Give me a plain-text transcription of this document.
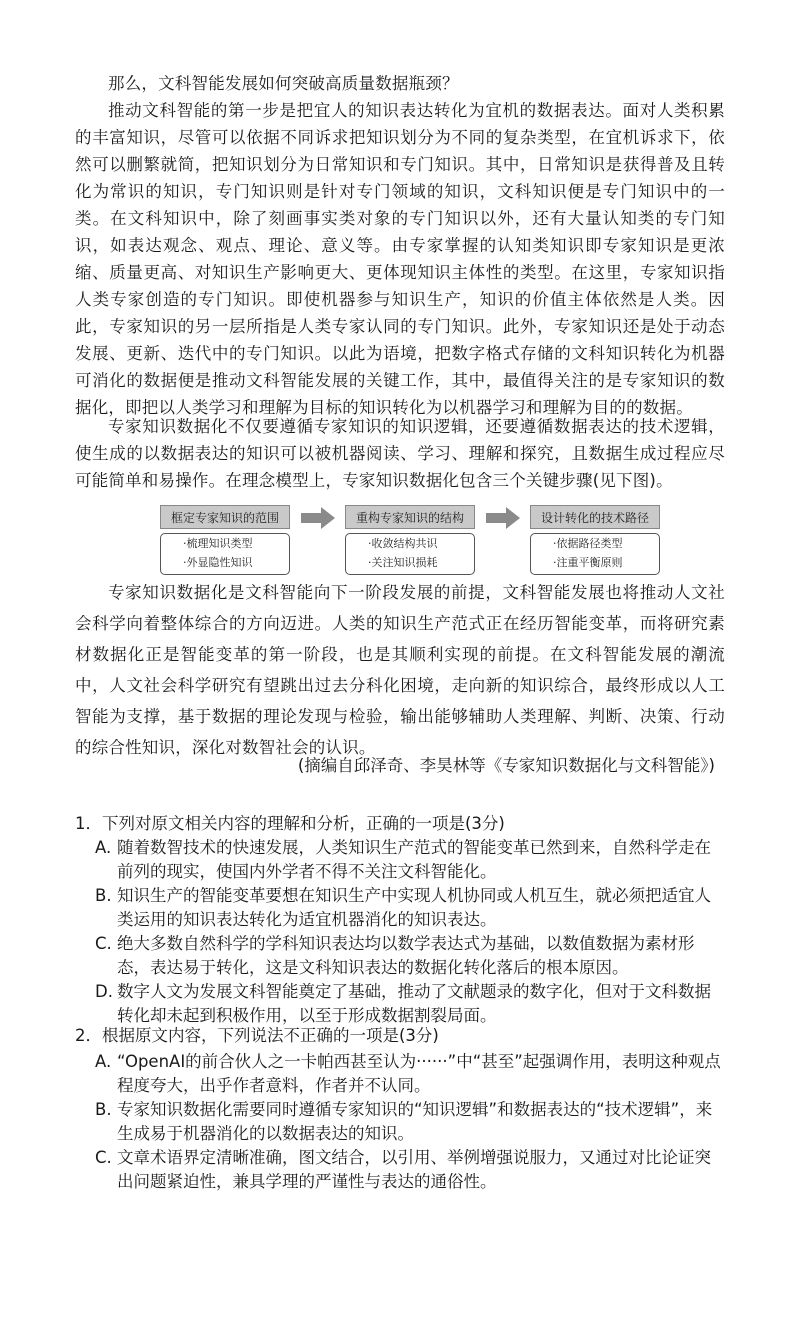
那么，文科智能发展如何突破高质量数据瓶颈？

推动文科智能的第一步是把宜人的知识表达转化为宜机的数据表达。面对人类积累的丰富知识，尽管可以依据不同诉求把知识划分为不同的复杂类型，在宜机诉求下，依然可以删繁就简，把知识划分为日常知识和专门知识。其中，日常知识是获得普及且转化为常识的知识，专门知识则是针对专门领域的知识，文科知识便是专门知识中的一类。在文科知识中，除了刻画事实类对象的专门知识以外，还有大量认知类的专门知识，如表达观念、观点、理论、意义等。由专家掌握的认知类知识即专家知识是更浓缩、质量更高、对知识生产影响更大、更体现知识主体性的类型。在这里，专家知识指人类专家创造的专门知识。即使机器参与知识生产，知识的价值主体依然是人类。因此，专家知识的另一层所指是人类专家认同的专门知识。此外，专家知识还是处于动态发展、更新、迭代中的专门知识。以此为语境，把数字格式存储的文科知识转化为机器可消化的数据便是推动文科智能发展的关键工作，其中，最值得关注的是专家知识的数据化，即把以人类学习和理解为目标的知识转化为以机器学习和理解为目的的数据。

专家知识数据化不仅要遵循专家知识的知识逻辑，还要遵循数据表达的技术逻辑，使生成的以数据表达的知识可以被机器阅读、学习、理解和探究，且数据生成过程应尽可能简单和易操作。在理念模型上，专家知识数据化包含三个关键步骤(见下图)。

框定专家知识的范围
·梳理知识类型
·外显隐性知识
重构专家知识的结构
·收敛结构共识
·关注知识损耗
设计转化的技术路径
·依据路径类型
·注重平衡原则

专家知识数据化是文科智能向下一阶段发展的前提，文科智能发展也将推动人文社会科学向着整体综合的方向迈进。人类的知识生产范式正在经历智能变革，而将研究素材数据化正是智能变革的第一阶段，也是其顺利实现的前提。在文科智能发展的潮流中，人文社会科学研究有望跳出过去分科化困境，走向新的知识综合，最终形成以人工智能为支撑，基于数据的理论发现与检验，输出能够辅助人类理解、判断、决策、行动的综合性知识，深化对数智社会的认识。

(摘编自邱泽奇、李昊林等《专家知识数据化与文科智能》)

1．下列对原文相关内容的理解和分析，正确的一项是(3分)

A. 随着数智技术的快速发展，人类知识生产范式的智能变革已然到来，自然科学走在前列的现实，使国内外学者不得不关注文科智能化。
B. 知识生产的智能变革要想在知识生产中实现人机协同或人机互生，就必须把适宜人类运用的知识表达转化为适宜机器消化的知识表达。
C. 绝大多数自然科学的学科知识表达均以数学表达式为基础，以数值数据为素材形态，表达易于转化，这是文科知识表达的数据化转化落后的根本原因。
D. 数字人文为发展文科智能奠定了基础，推动了文献题录的数字化，但对于文科数据转化却未起到积极作用，以至于形成数据割裂局面。

2．根据原文内容，下列说法不正确的一项是(3分)

A. “OpenAI的前合伙人之一卡帕西甚至认为······”中“甚至”起强调作用，表明这种观点程度夸大，出乎作者意料，作者并不认同。
B. 专家知识数据化需要同时遵循专家知识的“知识逻辑”和数据表达的“技术逻辑”，来生成易于机器消化的以数据表达的知识。
C. 文章术语界定清晰准确，图文结合，以引用、举例增强说服力，又通过对比论证突出问题紧迫性，兼具学理的严谨性与表达的通俗性。
